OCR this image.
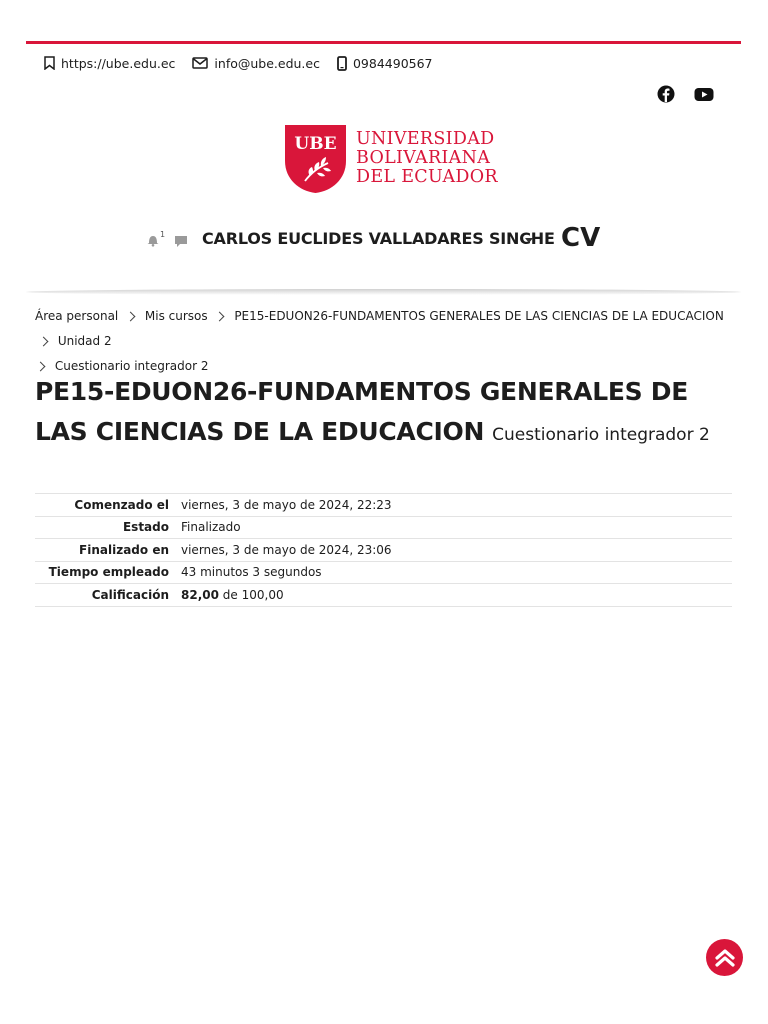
https://ube.edu.ec	info@ube.edu.ec	0984490567
UBE UNIVERSIDAD
BOLIVARIANA
DEL ECUADOR
1 CARLOS EUCLIDES VALLADARES SINCHE CV
Área personal
Mis cursos
PE15-EDUON26-FUNDAMENTOS GENERALES DE LAS CIENCIAS DE LA EDUCACION

Unidad 2

Cuestionario integrador 2
PE15-EDUON26-FUNDAMENTOS GENERALES DE LAS CIENCIAS DE LA EDUCACION Cuestionario integrador 2
Comenzado el	viernes, 3 de mayo de 2024, 22:23
Estado	Finalizado
Finalizado en	viernes, 3 de mayo de 2024, 23:06
Tiempo empleado	43 minutos 3 segundos
Calificación	82,00 de 100,00
